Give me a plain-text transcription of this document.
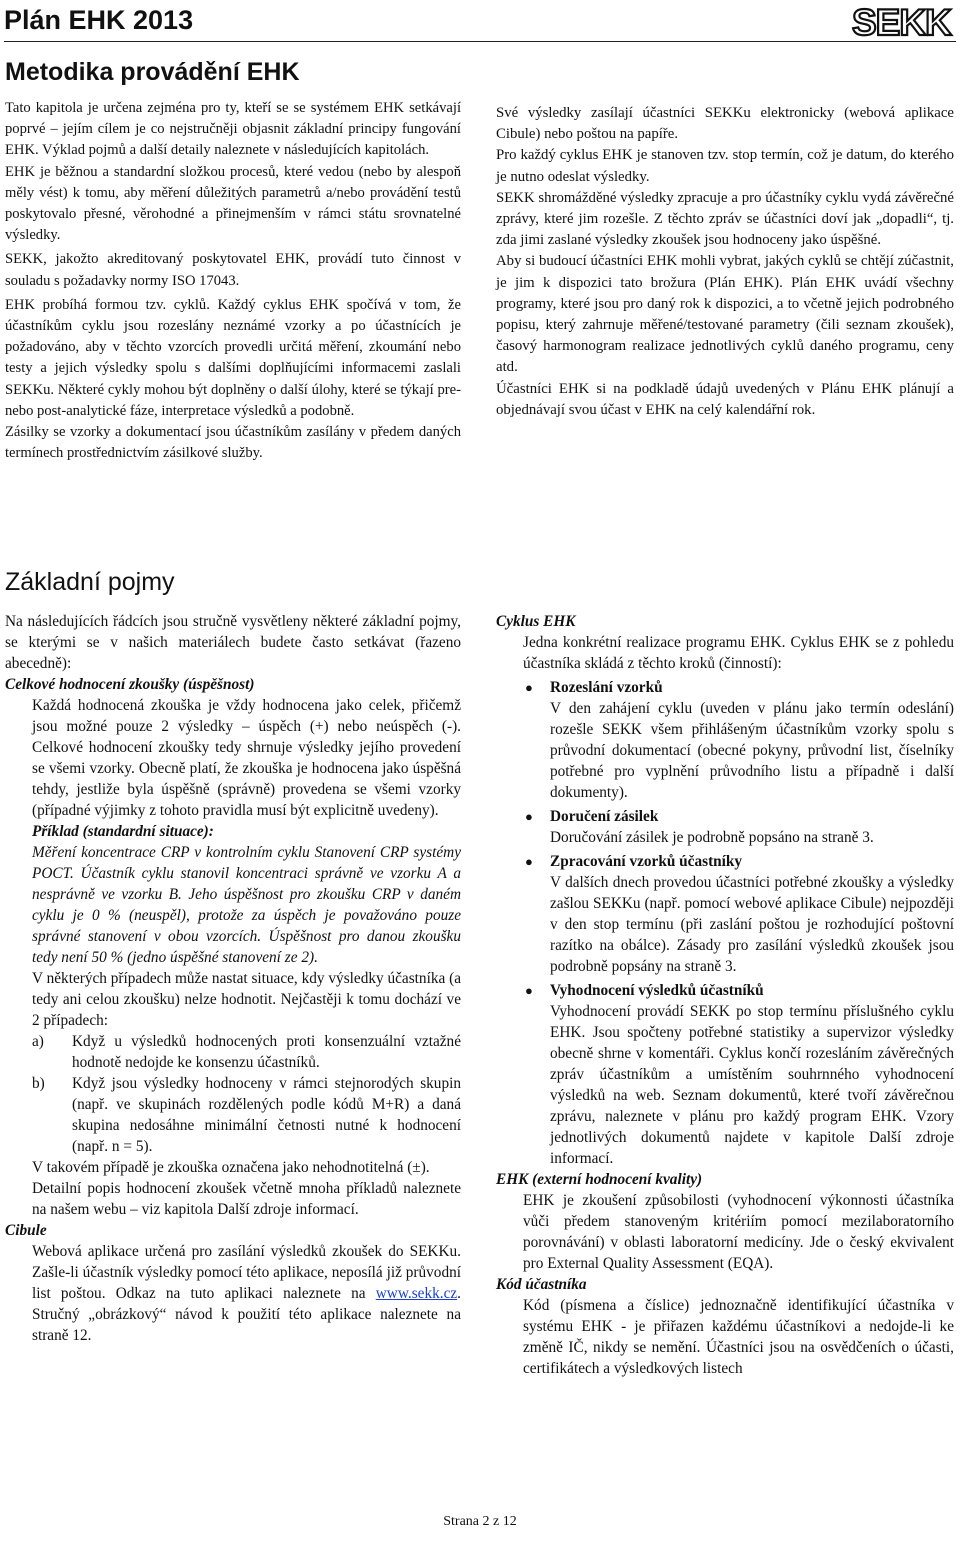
Plán EHK 2013	SEKK
Metodika provádění EHK

Tato kapitola je určena zejména pro ty, kteří se se systémem EHK setkávají poprvé – jejím cílem je co nejstručněji objasnit základní principy fungování EHK. Výklad pojmů a další detaily naleznete v následujících kapitolách.

EHK je běžnou a standardní složkou procesů, které vedou (nebo by alespoň měly vést) k tomu, aby měření důležitých parametrů a/nebo provádění testů poskytovalo přesné, věrohodné a přinejmenším v rámci státu srovnatelné výsledky.

SEKK, jakožto akreditovaný poskytovatel EHK, provádí tuto činnost v souladu s požadavky normy ISO 17043.

EHK probíhá formou tzv. cyklů. Každý cyklus EHK spočívá v tom, že účastníkům cyklu jsou rozeslány neznámé vzorky a po účastnících je požadováno, aby v těchto vzorcích provedli určitá měření, zkoumání nebo testy a jejich výsledky spolu s dalšími doplňujícími informacemi zaslali SEKKu. Některé cykly mohou být doplněny o další úlohy, které se týkají pre-nebo post-analytické fáze, interpretace výsledků a podobně.

Zásilky se vzorky a dokumentací jsou účastníkům zasílány v předem daných termínech prostřednictvím zásilkové služby.

Své výsledky zasílají účastníci SEKKu elektronicky (webová aplikace Cibule) nebo poštou na papíře.

Pro každý cyklus EHK je stanoven tzv. stop termín, což je datum, do kterého je nutno odeslat výsledky.

SEKK shromážděné výsledky zpracuje a pro účastníky cyklu vydá závěrečné zprávy, které jim rozešle. Z těchto zpráv se účastníci doví jak „dopadli“, tj. zda jimi zaslané výsledky zkoušek jsou hodnoceny jako úspěšné.

Aby si budoucí účastníci EHK mohli vybrat, jakých cyklů se chtějí zúčastnit, je jim k dispozici tato brožura (Plán EHK). Plán EHK uvádí všechny programy, které jsou pro daný rok k dispozici, a to včetně jejich podrobného popisu, který zahrnuje měřené/testované parametry (čili seznam zkoušek), časový harmonogram realizace jednotlivých cyklů daného programu, ceny atd.

Účastníci EHK si na podkladě údajů uvedených v Plánu EHK plánují a objednávají svou účast v EHK na celý kalendářní rok.

Základní pojmy

Na následujících řádcích jsou stručně vysvětleny některé základní pojmy, se kterými se v našich materiálech budete často setkávat (řazeno abecedně):

Celkové hodnocení zkoušky (úspěšnost)

Každá hodnocená zkouška je vždy hodnocena jako celek, přičemž jsou možné pouze 2 výsledky – úspěch (+) nebo neúspěch (-). Celkové hodnocení zkoušky tedy shrnuje výsledky jejího provedení se všemi vzorky. Obecně platí, že zkouška je hodnocena jako úspěšná tehdy, jestliže byla úspěšně (správně) provedena se všemi vzorky (případné výjimky z tohoto pravidla musí být explicitně uvedeny).

Příklad (standardní situace):

Měření koncentrace CRP v kontrolním cyklu Stanovení CRP systémy POCT. Účastník cyklu stanovil koncentraci správně ve vzorku A a nesprávně ve vzorku B. Jeho úspěšnost pro zkoušku CRP v daném cyklu je 0 % (neuspěl), protože za úspěch je považováno pouze správné stanovení v obou vzorcích. Úspěšnost pro danou zkoušku tedy není 50 % (jedno úspěšné stanovení ze 2).

V některých případech může nastat situace, kdy výsledky účastníka (a tedy ani celou zkoušku) nelze hodnotit. Nejčastěji k tomu dochází ve 2 případech:

a)	Když u výsledků hodnocených proti konsenzuální vztažné hodnotě nedojde ke konsenzu účastníků.
b)	Když jsou výsledky hodnoceny v rámci stejnorodých skupin (např. ve skupinách rozdělených podle kódů M+R) a daná skupina nedosáhne minimální četnosti nutné k hodnocení (např. n = 5).

V takovém případě je zkouška označena jako nehodnotitelná (±).

Detailní popis hodnocení zkoušek včetně mnoha příkladů naleznete na našem webu – viz kapitola Další zdroje informací.

Cibule

Webová aplikace určená pro zasílání výsledků zkoušek do SEKKu. Zašle-li účastník výsledky pomocí této aplikace, neposílá již průvodní list poštou. Odkaz na tuto aplikaci naleznete na www.sekk.cz. Stručný „obrázkový“ návod k použití této aplikace naleznete na straně 12.

Cyklus EHK

Jedna konkrétní realizace programu EHK. Cyklus EHK se z pohledu účastníka skládá z těchto kroků (činností):

●	Rozeslání vzorků

V den zahájení cyklu (uveden v plánu jako termín odeslání) rozešle SEKK všem přihlášeným účastníkům vzorky spolu s průvodní dokumentací (obecné pokyny, průvodní list, číselníky potřebné pro vyplnění průvodního listu a případně i další dokumenty).

●	Doručení zásilek

Doručování zásilek je podrobně popsáno na straně 3.

●	Zpracování vzorků účastníky

V dalších dnech provedou účastníci potřebné zkoušky a výsledky zašlou SEKKu (např. pomocí webové aplikace Cibule) nejpozději v den stop termínu (při zaslání poštou je rozhodující poštovní razítko na obálce). Zásady pro zasílání výsledků zkoušek jsou podrobně popsány na straně 3.

●	Vyhodnocení výsledků účastníků

Vyhodnocení provádí SEKK po stop termínu příslušného cyklu EHK. Jsou spočteny potřebné statistiky a supervizor výsledky obecně shrne v komentáři. Cyklus končí rozesláním závěrečných zpráv účastníkům a umístěním souhrnného vyhodnocení výsledků na web. Seznam dokumentů, které tvoří závěrečnou zprávu, naleznete v plánu pro každý program EHK. Vzory jednotlivých dokumentů najdete v kapitole Další zdroje informací.

EHK (externí hodnocení kvality)

EHK je zkoušení způsobilosti (vyhodnocení výkonnosti účastníka vůči předem stanoveným kritériím pomocí mezilaboratorního porovnávání) v oblasti laboratorní medicíny. Jde o český ekvivalent pro External Quality Assessment (EQA).

Kód účastníka

Kód (písmena a číslice) jednoznačně identifikující účastníka v systému EHK - je přiřazen každému účastníkovi a nedojde-li ke změně IČ, nikdy se nemění. Účastníci jsou na osvědčeních o účasti, certifikátech a výsledkových listech

Strana 2 z 12
